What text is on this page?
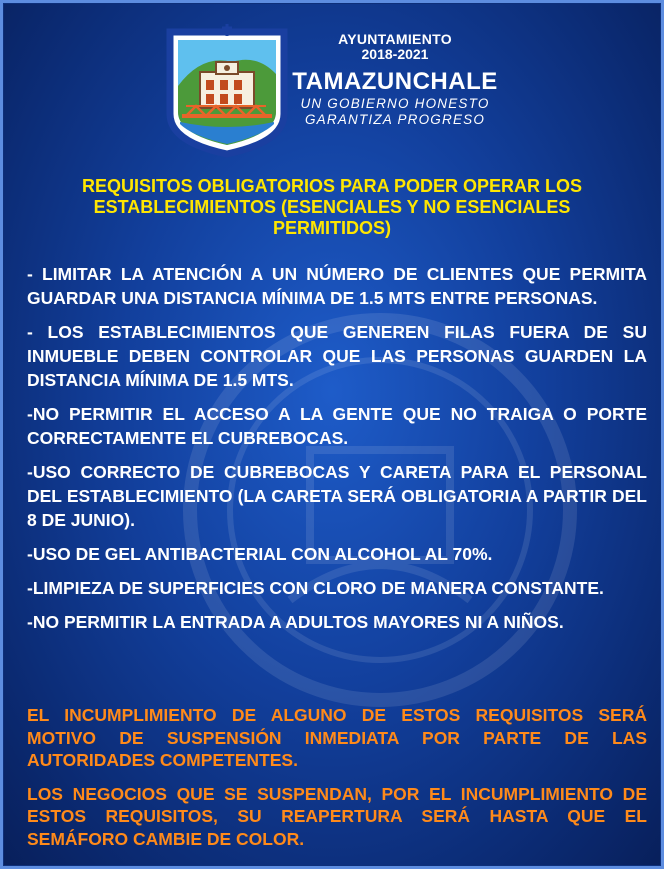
AYUNTAMIENTO
2018-2021
TAMAZUNCHALE
UN GOBIERNO HONESTO
GARANTIZA PROGRESO
REQUISITOS OBLIGATORIOS PARA PODER OPERAR LOS ESTABLECIMIENTOS (ESENCIALES Y NO ESENCIALES PERMITIDOS)
- LIMITAR LA ATENCIÓN A UN NÚMERO DE CLIENTES QUE PERMITA GUARDAR UNA DISTANCIA MÍNIMA DE 1.5 MTS ENTRE PERSONAS.
- LOS ESTABLECIMIENTOS QUE GENEREN FILAS FUERA DE SU INMUEBLE DEBEN CONTROLAR QUE LAS PERSONAS GUARDEN LA DISTANCIA MÍNIMA DE 1.5 MTS.
-NO PERMITIR EL ACCESO A LA GENTE QUE NO TRAIGA O PORTE CORRECTAMENTE EL CUBREBOCAS.
-USO CORRECTO DE CUBREBOCAS Y CARETA PARA EL PERSONAL DEL ESTABLECIMIENTO (LA CARETA SERÁ OBLIGATORIA A PARTIR DEL 8 DE JUNIO).
-USO DE GEL ANTIBACTERIAL CON ALCOHOL AL 70%.
-LIMPIEZA DE SUPERFICIES CON CLORO DE MANERA CONSTANTE.
-NO PERMITIR LA ENTRADA A ADULTOS MAYORES NI A NIÑOS.

EL INCUMPLIMIENTO DE ALGUNO DE ESTOS REQUISITOS SERÁ MOTIVO DE SUSPENSIÓN INMEDIATA POR PARTE DE LAS AUTORIDADES COMPETENTES.

LOS NEGOCIOS QUE SE SUSPENDAN, POR EL INCUMPLIMIENTO DE ESTOS REQUISITOS, SU REAPERTURA SERÁ HASTA QUE EL SEMÁFORO CAMBIE DE COLOR.
